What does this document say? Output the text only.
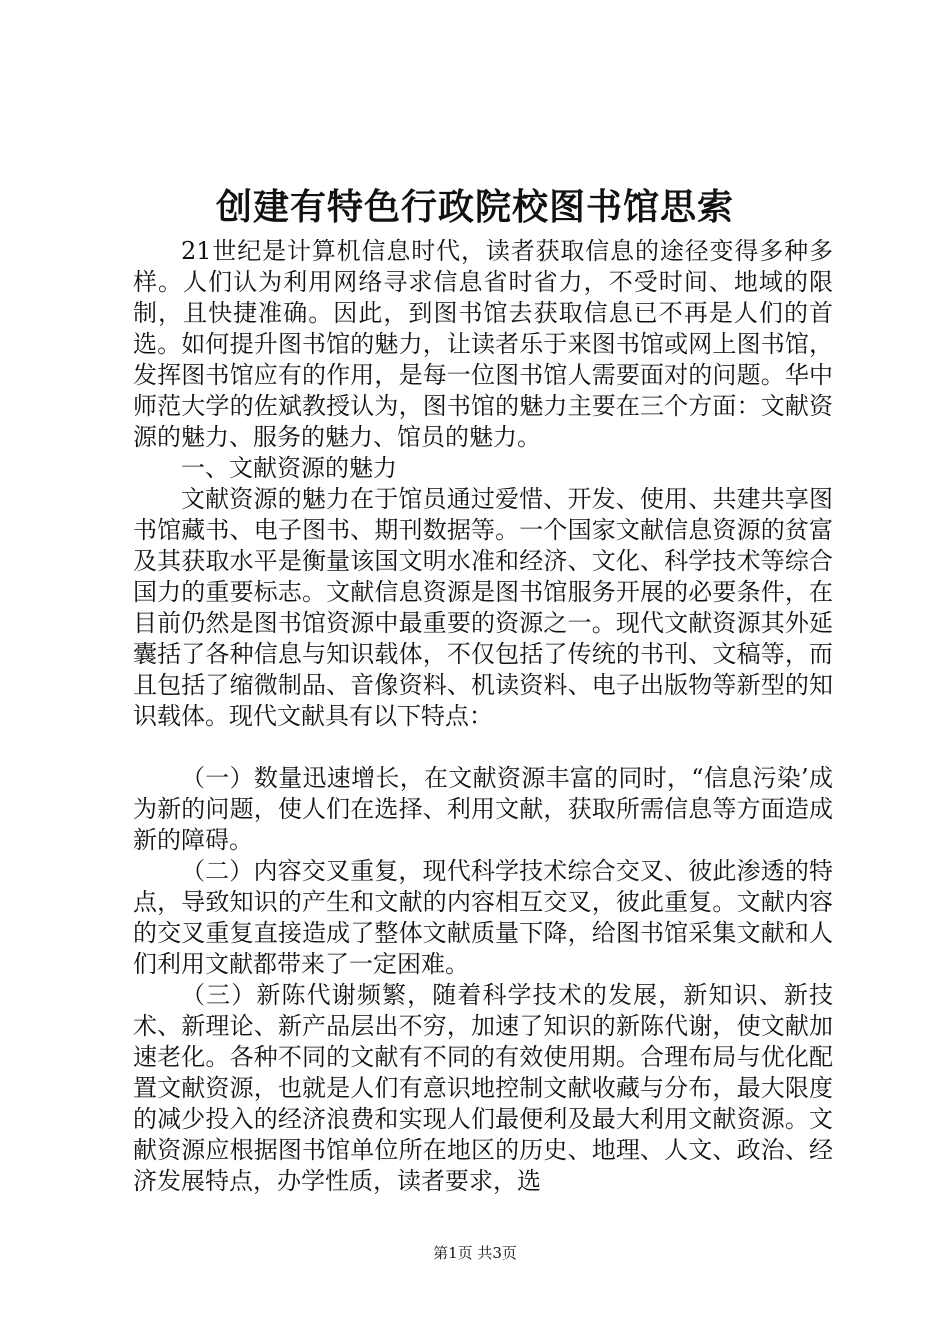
创建有特色行政院校图书馆思索

21世纪是计算机信息时代，读者获取信息的途径变得多种多样。人们认为利用网络寻求信息省时省力，不受时间、地域的限制，且快捷准确。因此，到图书馆去获取信息已不再是人们的首选。如何提升图书馆的魅力，让读者乐于来图书馆或网上图书馆，发挥图书馆应有的作用，是每一位图书馆人需要面对的问题。华中师范大学的佐斌教授认为，图书馆的魅力主要在三个方面：文献资源的魅力、服务的魅力、馆员的魅力。

一、文献资源的魅力

文献资源的魅力在于馆员通过爱惜、开发、使用、共建共享图书馆藏书、电子图书、期刊数据等。一个国家文献信息资源的贫富及其获取水平是衡量该国文明水准和经济、文化、科学技术等综合国力的重要标志。文献信息资源是图书馆服务开展的必要条件，在目前仍然是图书馆资源中最重要的资源之一。现代文献资源其外延囊括了各种信息与知识载体，不仅包括了传统的书刊、文稿等，而且包括了缩微制品、音像资料、机读资料、电子出版物等新型的知识载体。现代文献具有以下特点：

（一）数量迅速增长，在文献资源丰富的同时，“信息污染’成为新的问题，使人们在选择、利用文献，获取所需信息等方面造成新的障碍。

（二）内容交叉重复，现代科学技术综合交叉、彼此渗透的特点，导致知识的产生和文献的内容相互交叉，彼此重复。文献内容的交叉重复直接造成了整体文献质量下降，给图书馆采集文献和人们利用文献都带来了一定困难。

（三）新陈代谢频繁，随着科学技术的发展，新知识、新技术、新理论、新产品层出不穷，加速了知识的新陈代谢，使文献加速老化。各种不同的文献有不同的有效使用期。合理布局与优化配置文献资源，也就是人们有意识地控制文献收藏与分布，最大限度的减少投入的经济浪费和实现人们最便利及最大利用文献资源。文献资源应根据图书馆单位所在地区的历史、地理、人文、政治、经济发展特点，办学性质，读者要求，选

第1页 共3页
